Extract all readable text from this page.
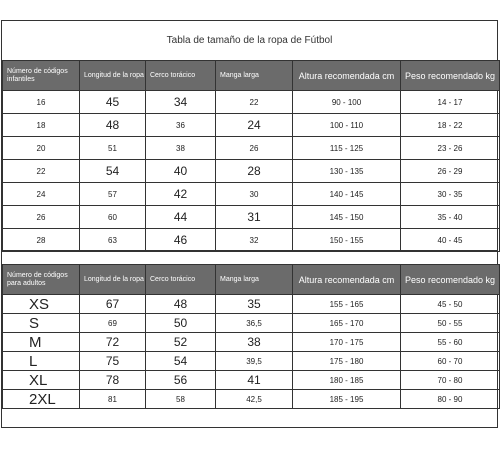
Tabla de tamaño de la ropa de Fútbol
Número de códigos infantiles	Longitud de la ropa	Cerco torácico	Manga larga	Altura recomendada cm	Peso recomendado kg
16	45	34	22	90 - 100	14 - 17
18	48	36	24	100 - 110	18 - 22
20	51	38	26	115 - 125	23 - 26
22	54	40	28	130 - 135	26 - 29
24	57	42	30	140 - 145	30 - 35
26	60	44	31	145 - 150	35 - 40
28	63	46	32	150 - 155	40 - 45
Número de códigos para adultos	Longitud de la ropa	Cerco torácico	Manga larga	Altura recomendada cm	Peso recomendado kg
XS	67	48	35	155 - 165	45 - 50
S	69	50	36,5	165 - 170	50 - 55
M	72	52	38	170 - 175	55 - 60
L	75	54	39,5	175 - 180	60 - 70
XL	78	56	41	180 - 185	70 - 80
2XL	81	58	42,5	185 - 195	80 - 90
